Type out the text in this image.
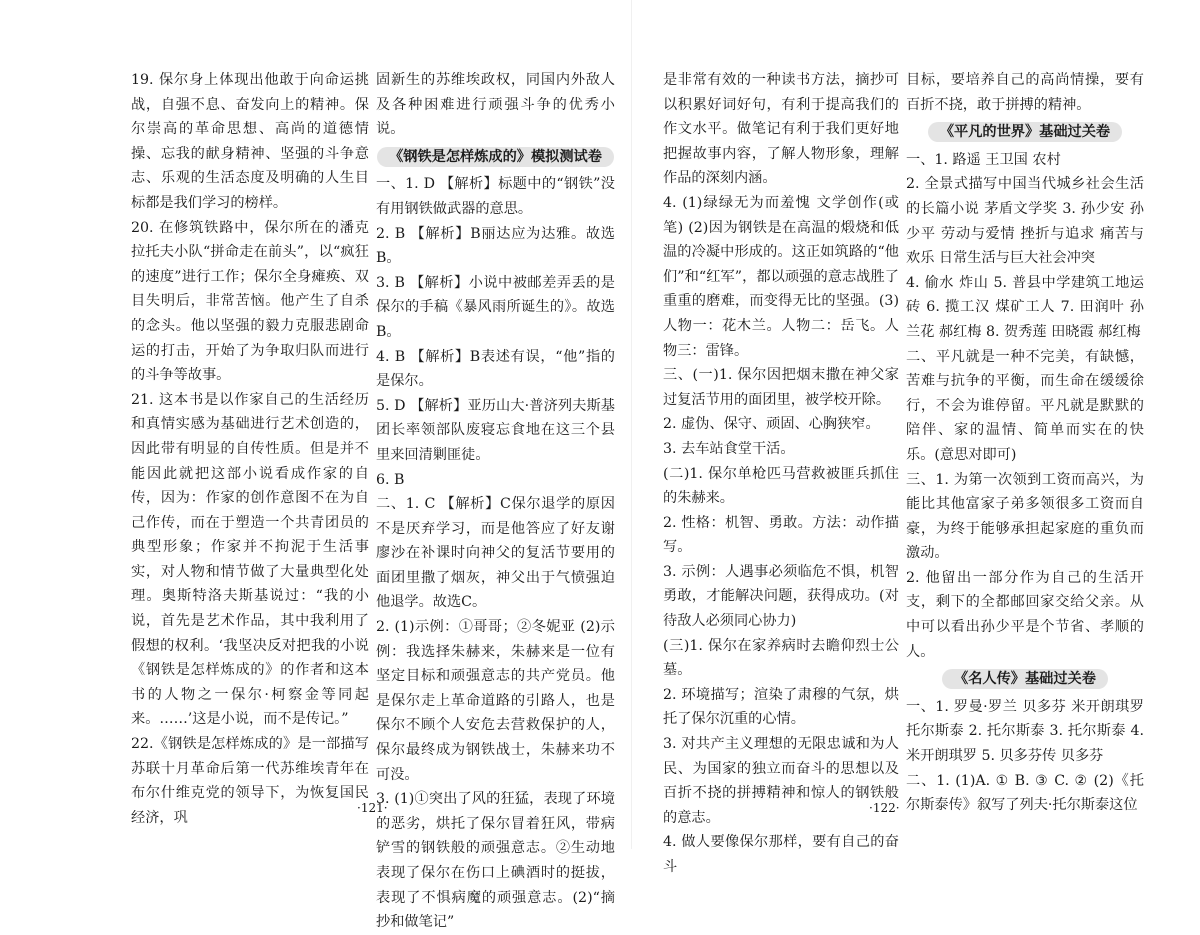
19. 保尔身上体现出他敢于向命运挑战，自强不息、奋发向上的精神。保尔崇高的革命思想、高尚的道德情操、忘我的献身精神、坚强的斗争意志、乐观的生活态度及明确的人生目标都是我们学习的榜样。

20. 在修筑铁路中，保尔所在的潘克拉托夫小队“拼命走在前头”，以“疯狂的速度”进行工作；保尔全身瘫痪、双目失明后，非常苦恼。他产生了自杀的念头。他以坚强的毅力克服悲剧命运的打击，开始了为争取归队而进行的斗争等故事。

21. 这本书是以作家自己的生活经历和真情实感为基础进行艺术创造的，因此带有明显的自传性质。但是并不能因此就把这部小说看成作家的自传，因为：作家的创作意图不在为自己作传，而在于塑造一个共青团员的典型形象；作家并不拘泥于生活事实，对人物和情节做了大量典型化处理。奥斯特洛夫斯基说过：“我的小说，首先是艺术作品，其中我利用了假想的权利。‘我坚决反对把我的小说《钢铁是怎样炼成的》的作者和这本书的人物之一保尔·柯察金等同起来。……’这是小说，而不是传记。”

22.《钢铁是怎样炼成的》是一部描写苏联十月革命后第一代苏维埃青年在布尔什维克党的领导下，为恢复国民经济，巩

固新生的苏维埃政权，同国内外敌人及各种困难进行顽强斗争的优秀小说。

《钢铁是怎样炼成的》模拟测试卷

一、1. D 【解析】标题中的“钢铁”没有用钢铁做武器的意思。

2. B 【解析】B丽达应为达雅。故选B。

3. B 【解析】小说中被邮差弄丢的是保尔的手稿《暴风雨所诞生的》。故选B。

4. B 【解析】B表述有误，“他”指的是保尔。

5. D 【解析】亚历山大·普济列夫斯基团长率领部队废寝忘食地在这三个县里来回清剿匪徒。

6. B

二、1. C 【解析】C保尔退学的原因不是厌弃学习，而是他答应了好友谢廖沙在补课时向神父的复活节要用的面团里撒了烟灰，神父出于气愤强迫他退学。故选C。

2. (1)示例：①哥哥；②冬妮亚 (2)示例：我选择朱赫来，朱赫来是一位有坚定目标和顽强意志的共产党员。他是保尔走上革命道路的引路人，也是保尔不顾个人安危去营救保护的人，保尔最终成为钢铁战士，朱赫来功不可没。

3. (1)①突出了风的狂猛，表现了环境的恶劣，烘托了保尔冒着狂风，带病铲雪的钢铁般的顽强意志。②生动地表现了保尔在伤口上碘酒时的挺拔，表现了不惧病魔的顽强意志。(2)“摘抄和做笔记”

·121·

是非常有效的一种读书方法，摘抄可以积累好词好句，有利于提高我们的作文水平。做笔记有利于我们更好地把握故事内容，了解人物形象，理解作品的深刻内涵。

4. (1)绿绿无为而羞愧 文学创作(或笔) (2)因为钢铁是在高温的煅烧和低温的冷凝中形成的。这正如筑路的“他们”和“红军”，都以顽强的意志战胜了重重的磨难，而变得无比的坚强。(3)人物一：花木兰。人物二：岳飞。人物三：雷锋。

三、(一)1. 保尔因把烟末撒在神父家过复活节用的面团里，被学校开除。

2. 虚伪、保守、顽固、心胸狭窄。

3. 去车站食堂干活。

(二)1. 保尔单枪匹马营救被匪兵抓住的朱赫来。

2. 性格：机智、勇敢。方法：动作描写。

3. 示例：人遇事必须临危不惧，机智勇敢，才能解决问题，获得成功。(对待敌人必须同心协力)

(三)1. 保尔在家养病时去瞻仰烈士公墓。

2. 环境描写；渲染了肃穆的气氛，烘托了保尔沉重的心情。

3. 对共产主义理想的无限忠诚和为人民、为国家的独立而奋斗的思想以及百折不挠的拼搏精神和惊人的钢铁般的意志。

4. 做人要像保尔那样，要有自己的奋斗

目标，要培养自己的高尚情操，要有百折不挠，敢于拼搏的精神。

《平凡的世界》基础过关卷

一、1. 路遥 王卫国 农村

2. 全景式描写中国当代城乡社会生活的长篇小说 茅盾文学奖 3. 孙少安 孙少平 劳动与爱情 挫折与追求 痛苦与欢乐 日常生活与巨大社会冲突

4. 偷水 炸山 5. 普县中学建筑工地运砖 6. 揽工汉 煤矿工人 7. 田润叶 孙兰花 郝红梅 8. 贺秀莲 田晓霞 郝红梅

二、平凡就是一种不完美，有缺憾，苦难与抗争的平衡，而生命在缓缓徐行，不会为谁停留。平凡就是默默的陪伴、家的温情、简单而实在的快乐。(意思对即可)

三、1. 为第一次领到工资而高兴，为能比其他富家子弟多领很多工资而自豪，为终于能够承担起家庭的重负而激动。

2. 他留出一部分作为自己的生活开支，剩下的全都邮回家交给父亲。从中可以看出孙少平是个节省、孝顺的人。

《名人传》基础过关卷

一、1. 罗曼·罗兰 贝多芬 米开朗琪罗 托尔斯泰 2. 托尔斯泰 3. 托尔斯泰 4. 米开朗琪罗 5. 贝多芬传 贝多芬

二、1. (1)A. ① B. ③ C. ② (2)《托尔斯泰传》叙写了列夫·托尔斯泰这位

·122·
